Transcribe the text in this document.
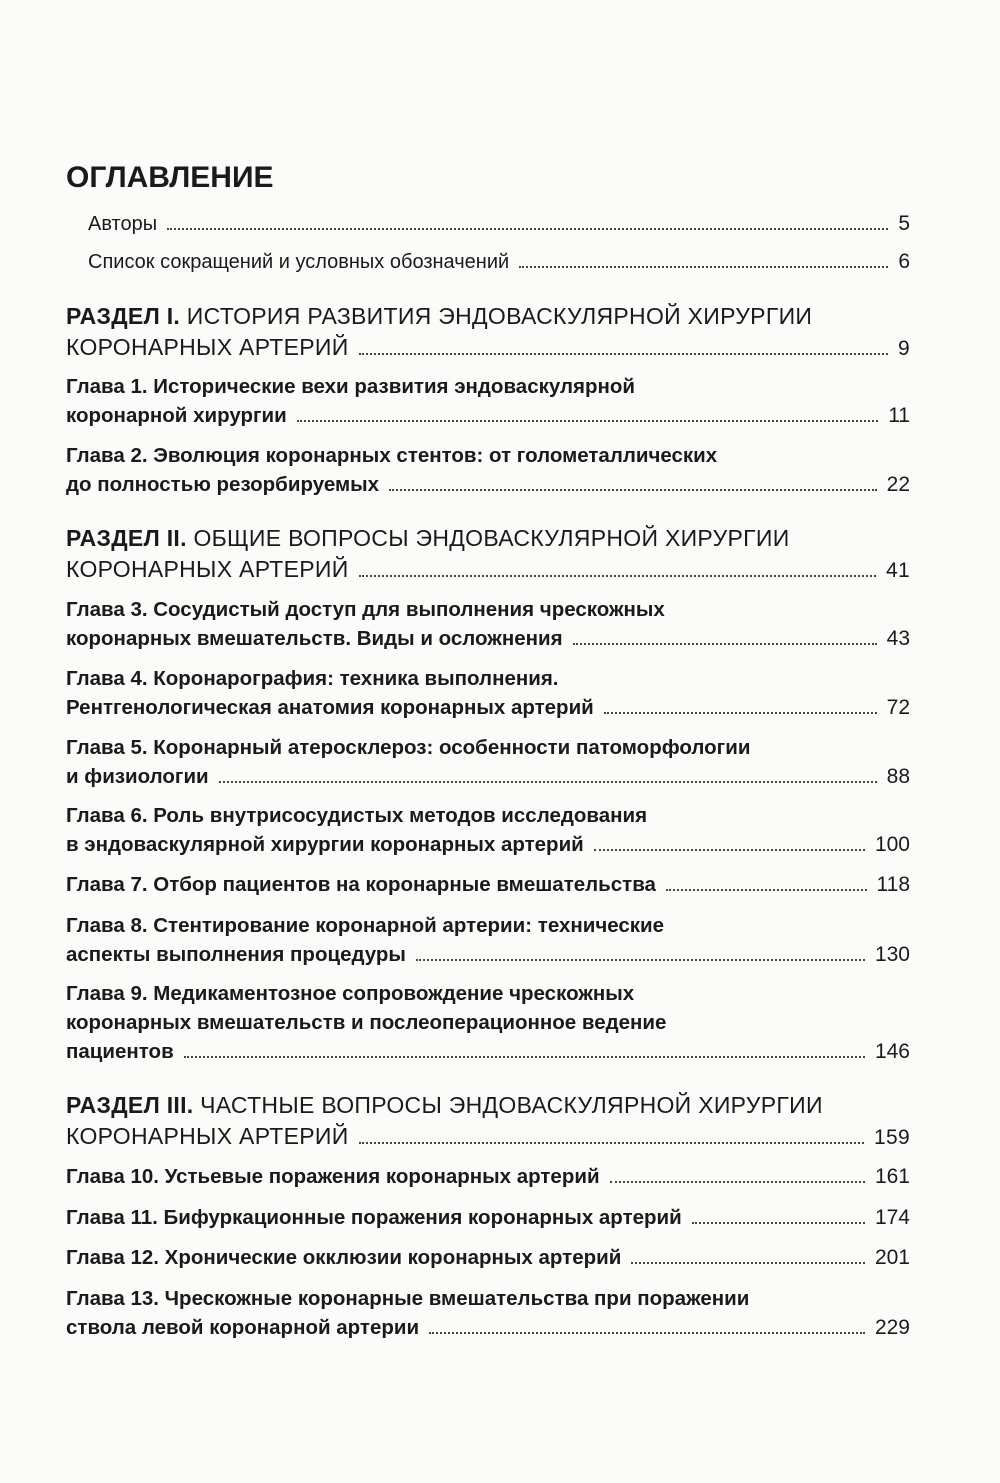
ОГЛАВЛЕНИЕ
Авторы	5
Список сокращений и условных обозначений	6
РАЗДЕЛ I. ИСТОРИЯ РАЗВИТИЯ ЭНДОВАСКУЛЯРНОЙ ХИРУРГИИ
КОРОНАРНЫХ АРТЕРИЙ	9
Глава 1. Исторические вехи развития эндоваскулярной
коронарной хирургии	11
Глава 2. Эволюция коронарных стентов: от голометаллических
до полностью резорбируемых	22
РАЗДЕЛ II. ОБЩИЕ ВОПРОСЫ ЭНДОВАСКУЛЯРНОЙ ХИРУРГИИ
КОРОНАРНЫХ АРТЕРИЙ	41
Глава 3. Сосудистый доступ для выполнения чрескожных
коронарных вмешательств. Виды и осложнения	43
Глава 4. Коронарография: техника выполнения.
Рентгенологическая анатомия коронарных артерий	72
Глава 5. Коронарный атеросклероз: особенности патоморфологии
и физиологии	88
Глава 6. Роль внутрисосудистых методов исследования
в эндоваскулярной хирургии коронарных артерий	100
Глава 7. Отбор пациентов на коронарные вмешательства	118
Глава 8. Стентирование коронарной артерии: технические
аспекты выполнения процедуры	130
Глава 9. Медикаментозное сопровождение чрескожных
коронарных вмешательств и послеоперационное ведение
пациентов	146
РАЗДЕЛ III. ЧАСТНЫЕ ВОПРОСЫ ЭНДОВАСКУЛЯРНОЙ ХИРУРГИИ
КОРОНАРНЫХ АРТЕРИЙ	159
Глава 10. Устьевые поражения коронарных артерий	161
Глава 11. Бифуркационные поражения коронарных артерий	174
Глава 12. Хронические окклюзии коронарных артерий	201
Глава 13. Чрескожные коронарные вмешательства при поражении
ствола левой коронарной артерии	229
